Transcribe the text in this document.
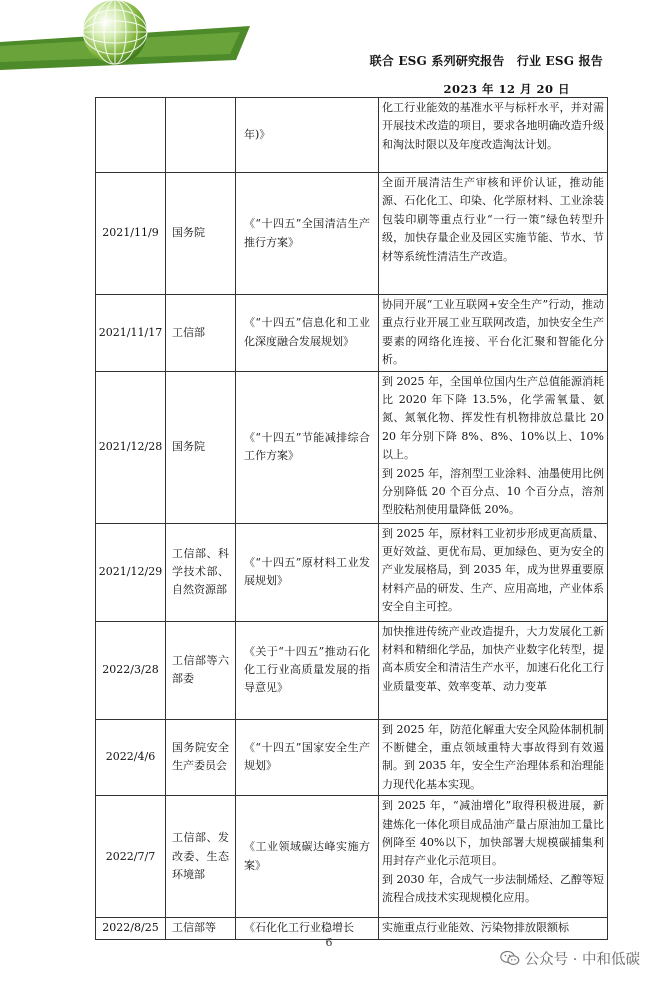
联合 ESG 系列研究报告　行业 ESG 报告
2023 年 12 月 20 日
		年)》	化工行业能效的基准水平与标杆水平，并对需开展技术改造的项目，要求各地明确改造升级和淘汰时限以及年度改造淘汰计划。

2021/11/9	国务院	《“十四五”全国清洁生产推行方案》	全面开展清洁生产审核和评价认证，推动能源、石化化工、印染、化学原材料、工业涂装包装印刷等重点行业“一行一策”绿色转型升级，加快存量企业及园区实施节能、节水、节材等系统性清洁生产改造。

2021/11/17	工信部	《“十四五”信息化和工业化深度融合发展规划》	协同开展“工业互联网+安全生产”行动，推动重点行业开展工业互联网改造，加快安全生产要素的网络化连接、平台化汇聚和智能化分析。

2021/12/28	国务院	《“十四五”节能减排综合工作方案》	到 2025 年，全国单位国内生产总值能源消耗比 2020 年下降 13.5%，化学需氧量、氨氮、氮氧化物、挥发性有机物排放总量比 2020 年分别下降 8%、8%、10%以上、10%以上。
到 2025 年，溶剂型工业涂料、油墨使用比例分别降低 20 个百分点、10 个百分点，溶剂型胶粘剂使用量降低 20%。

2021/12/29	工信部、科学技术部、自然资源部	《“十四五”原材料工业发展规划》	到 2025 年，原材料工业初步形成更高质量、更好效益、更优布局、更加绿色、更为安全的产业发展格局，到 2035 年，成为世界重要原材料产品的研发、生产、应用高地，产业体系安全自主可控。

2022/3/28	工信部等六部委	《关于“十四五”推动石化化工行业高质量发展的指导意见》	加快推进传统产业改造提升，大力发展化工新材料和精细化学品，加快产业数字化转型，提高本质安全和清洁生产水平，加速石化化工行业质量变革、效率变革、动力变革

2022/4/6	国务院安全生产委员会	《“十四五”国家安全生产规划》	到 2025 年，防范化解重大安全风险体制机制不断健全，重点领域重特大事故得到有效遏制。到 2035 年，安全生产治理体系和治理能力现代化基本实现。

2022/7/7	工信部、发改委、生态环境部	《工业领域碳达峰实施方案》	到 2025 年，“减油增化”取得积极进展，新建炼化一体化项目成品油产量占原油加工量比例降至 40%以下，加快部署大规模碳捕集利用封存产业化示范项目。
到 2030 年，合成气一步法制烯烃、乙醇等短流程合成技术实现规模化应用。

2022/8/25	工信部等	《石化化工行业稳增长	实施重点行业能效、污染物排放限额标
6
公众号 · 中和低碳
